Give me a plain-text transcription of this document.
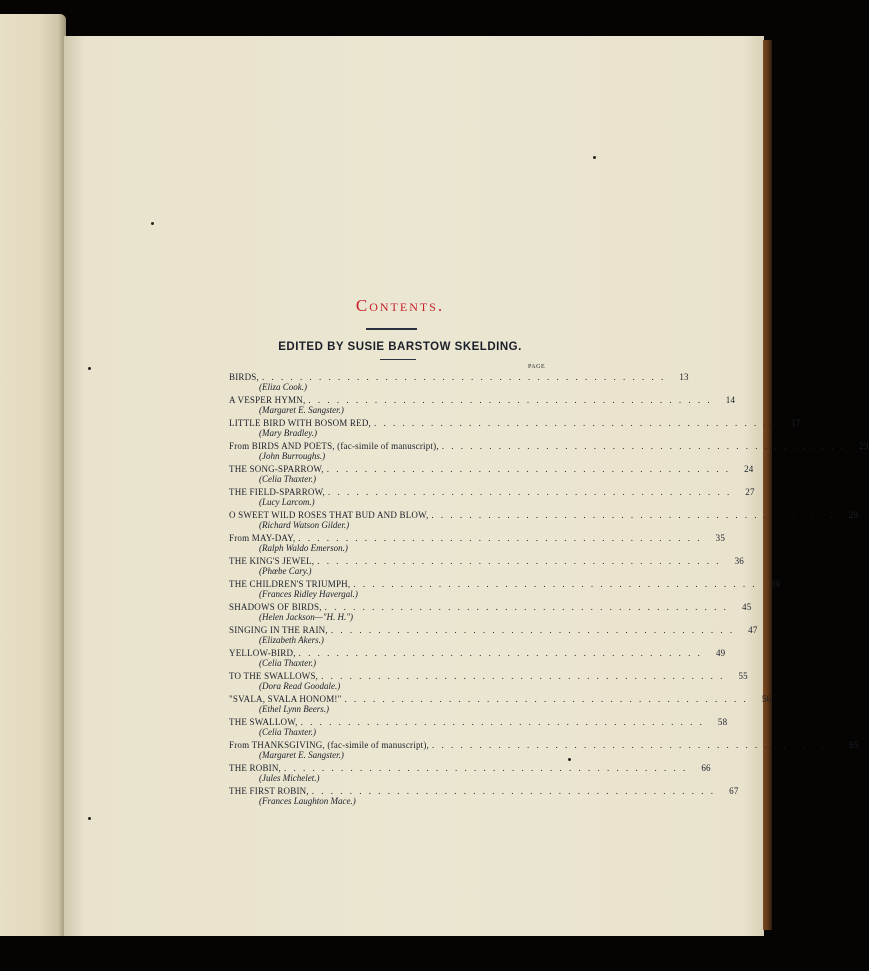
Contents.
EDITED BY SUSIE BARSTOW SKELDING.
PAGE
BIRDS, . . . . . . . . . . . . . . . . . . . . . . . . . . . . . . . . . . . . . . . . . . .	13
(Eliza Cook.)
A VESPER HYMN, . . . . . . . . . . . . . . . . . . . . . . . . . . . . . . . . . . . . . . . . . . .	14
(Margaret E. Sangster.)
LITTLE BIRD WITH BOSOM RED, . . . . . . . . . . . . . . . . . . . . . . . . . . . . . . . . . . . . . . . . . . .	17
(Mary Bradley.)
From BIRDS AND POETS, (fac-simile of manuscript), . . . . . . . . . . . . . . . . . . . . . . . . . . . . . . . . . . . . . . . . . . .	23
(John Burroughs.)
THE SONG-SPARROW, . . . . . . . . . . . . . . . . . . . . . . . . . . . . . . . . . . . . . . . . . . .	24
(Celia Thaxter.)
THE FIELD-SPARROW, . . . . . . . . . . . . . . . . . . . . . . . . . . . . . . . . . . . . . . . . . . .	27
(Lucy Larcom.)
O SWEET WILD ROSES THAT BUD AND BLOW, . . . . . . . . . . . . . . . . . . . . . . . . . . . . . . . . . . . . . . . . . . .	29
(Richard Watson Gilder.)
From MAY-DAY, . . . . . . . . . . . . . . . . . . . . . . . . . . . . . . . . . . . . . . . . . . .	35
(Ralph Waldo Emerson.)
THE KING'S JEWEL, . . . . . . . . . . . . . . . . . . . . . . . . . . . . . . . . . . . . . . . . . . .	36
(Phœbe Cary.)
THE CHILDREN'S TRIUMPH, . . . . . . . . . . . . . . . . . . . . . . . . . . . . . . . . . . . . . . . . . . .	39
(Frances Ridley Havergal.)
SHADOWS OF BIRDS, . . . . . . . . . . . . . . . . . . . . . . . . . . . . . . . . . . . . . . . . . . .	45
(Helen Jackson—"H. H.")
SINGING IN THE RAIN, . . . . . . . . . . . . . . . . . . . . . . . . . . . . . . . . . . . . . . . . . . .	47
(Elizabeth Akers.)
YELLOW-BIRD, . . . . . . . . . . . . . . . . . . . . . . . . . . . . . . . . . . . . . . . . . . .	49
(Celia Thaxter.)
TO THE SWALLOWS, . . . . . . . . . . . . . . . . . . . . . . . . . . . . . . . . . . . . . . . . . . .	55
(Dora Read Goodale.)
"SVALA, SVALA HONOM!" . . . . . . . . . . . . . . . . . . . . . . . . . . . . . . . . . . . . . . . . . . .	56
(Ethel Lynn Beers.)
THE SWALLOW, . . . . . . . . . . . . . . . . . . . . . . . . . . . . . . . . . . . . . . . . . . .	58
(Celia Thaxter.)
From THANKSGIVING, (fac-simile of manuscript), . . . . . . . . . . . . . . . . . . . . . . . . . . . . . . . . . . . . . . . . . . .	65
(Margaret E. Sangster.)
THE ROBIN, . . . . . . . . . . . . . . . . . . . . . . . . . . . . . . . . . . . . . . . . . . .	66
(Jules Michelet.)
THE FIRST ROBIN, . . . . . . . . . . . . . . . . . . . . . . . . . . . . . . . . . . . . . . . . . . .	67
(Frances Laughton Mace.)
